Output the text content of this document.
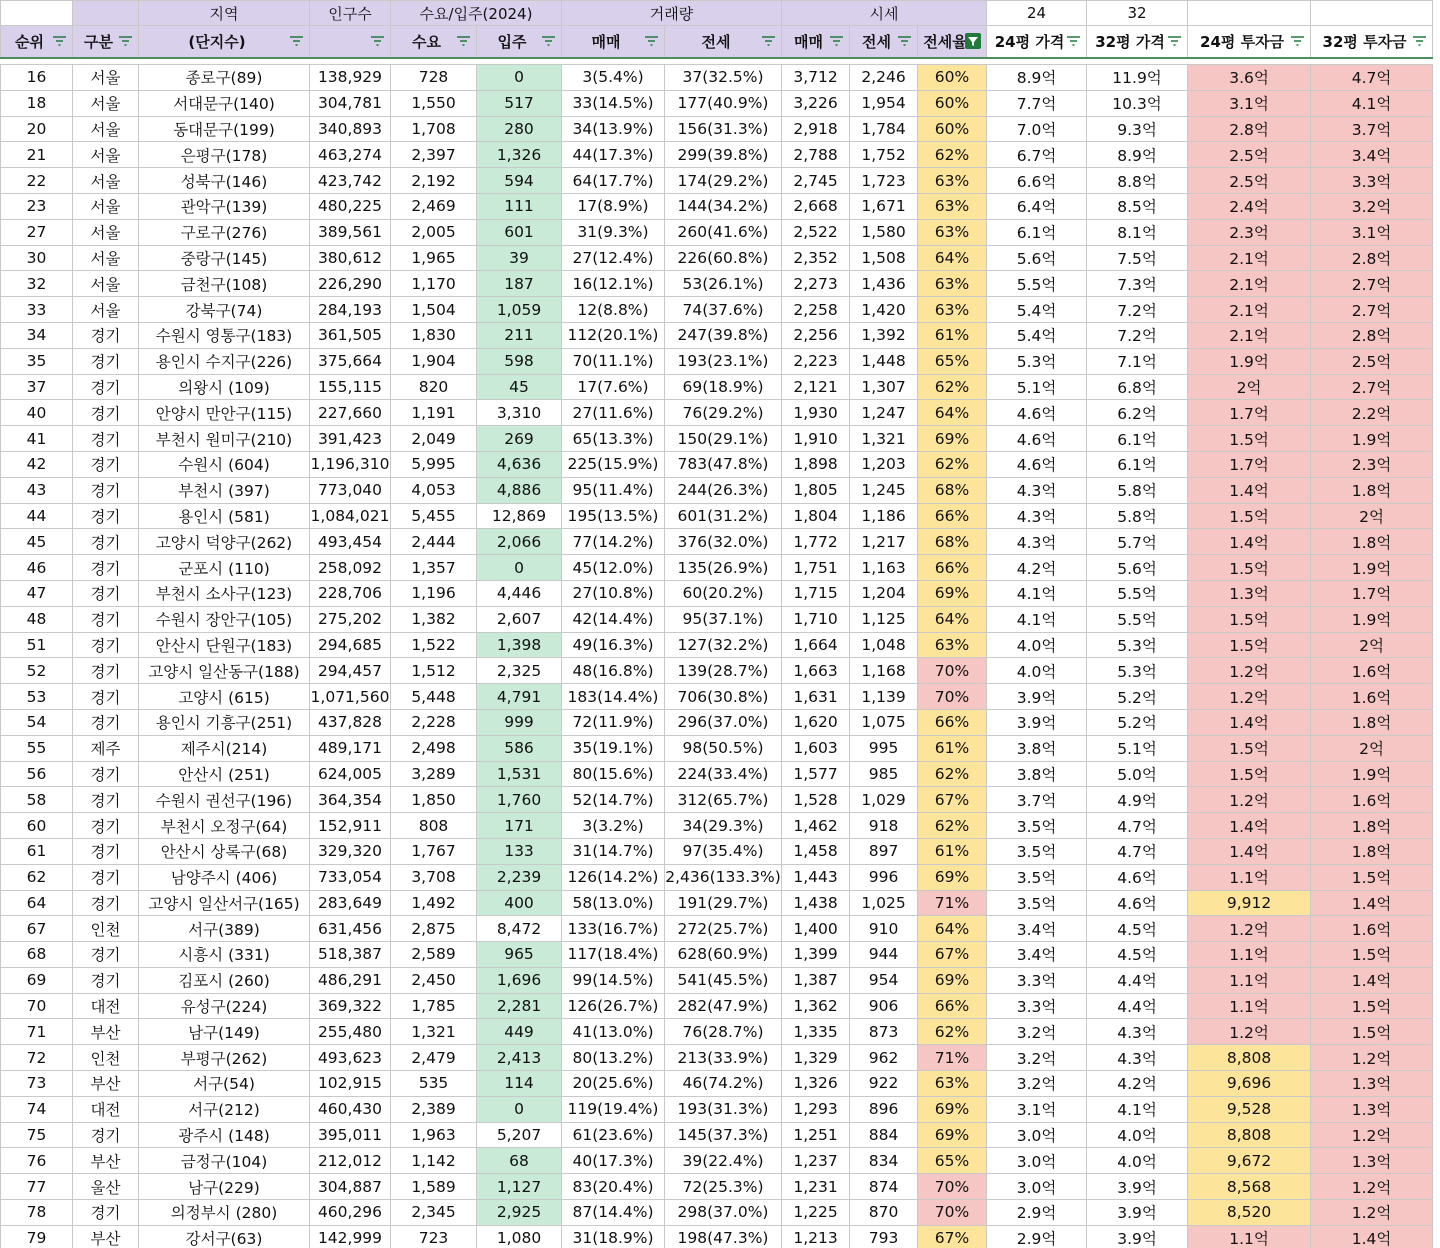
		지역	인구수	수요/입주(2024)		거래량		시세			24	32		
순위	구분	(단지수)		수요	입주	매매	전세	매매	전세	전세율	24평 가격	32평 가격	24평 투자금	32평 투자금

16	서울	종로구(89)	138,929	728	0	3(5.4%)	37(32.5%)	3,712	2,246	60%	8.9억	11.9억	3.6억	4.7억
18	서울	서대문구(140)	304,781	1,550	517	33(14.5%)	177(40.9%)	3,226	1,954	60%	7.7억	10.3억	3.1억	4.1억
20	서울	동대문구(199)	340,893	1,708	280	34(13.9%)	156(31.3%)	2,918	1,784	60%	7.0억	9.3억	2.8억	3.7억
21	서울	은평구(178)	463,274	2,397	1,326	44(17.3%)	299(39.8%)	2,788	1,752	62%	6.7억	8.9억	2.5억	3.4억
22	서울	성북구(146)	423,742	2,192	594	64(17.7%)	174(29.2%)	2,745	1,723	63%	6.6억	8.8억	2.5억	3.3억
23	서울	관악구(139)	480,225	2,469	111	17(8.9%)	144(34.2%)	2,668	1,671	63%	6.4억	8.5억	2.4억	3.2억
27	서울	구로구(276)	389,561	2,005	601	31(9.3%)	260(41.6%)	2,522	1,580	63%	6.1억	8.1억	2.3억	3.1억
30	서울	중랑구(145)	380,612	1,965	39	27(12.4%)	226(60.8%)	2,352	1,508	64%	5.6억	7.5억	2.1억	2.8억
32	서울	금천구(108)	226,290	1,170	187	16(12.1%)	53(26.1%)	2,273	1,436	63%	5.5억	7.3억	2.1억	2.7억
33	서울	강북구(74)	284,193	1,504	1,059	12(8.8%)	74(37.6%)	2,258	1,420	63%	5.4억	7.2억	2.1억	2.7억
34	경기	수원시 영통구(183)	361,505	1,830	211	112(20.1%)	247(39.8%)	2,256	1,392	61%	5.4억	7.2억	2.1억	2.8억
35	경기	용인시 수지구(226)	375,664	1,904	598	70(11.1%)	193(23.1%)	2,223	1,448	65%	5.3억	7.1억	1.9억	2.5억
37	경기	의왕시 (109)	155,115	820	45	17(7.6%)	69(18.9%)	2,121	1,307	62%	5.1억	6.8억	2억	2.7억
40	경기	안양시 만안구(115)	227,660	1,191	3,310	27(11.6%)	76(29.2%)	1,930	1,247	64%	4.6억	6.2억	1.7억	2.2억
41	경기	부천시 원미구(210)	391,423	2,049	269	65(13.3%)	150(29.1%)	1,910	1,321	69%	4.6억	6.1억	1.5억	1.9억
42	경기	수원시 (604)	1,196,310	5,995	4,636	225(15.9%)	783(47.8%)	1,898	1,203	62%	4.6억	6.1억	1.7억	2.3억
43	경기	부천시 (397)	773,040	4,053	4,886	95(11.4%)	244(26.3%)	1,805	1,245	68%	4.3억	5.8억	1.4억	1.8억
44	경기	용인시 (581)	1,084,021	5,455	12,869	195(13.5%)	601(31.2%)	1,804	1,186	66%	4.3억	5.8억	1.5억	2억
45	경기	고양시 덕양구(262)	493,454	2,444	2,066	77(14.2%)	376(32.0%)	1,772	1,217	68%	4.3억	5.7억	1.4억	1.8억
46	경기	군포시 (110)	258,092	1,357	0	45(12.0%)	135(26.9%)	1,751	1,163	66%	4.2억	5.6억	1.5억	1.9억
47	경기	부천시 소사구(123)	228,706	1,196	4,446	27(10.8%)	60(20.2%)	1,715	1,204	69%	4.1억	5.5억	1.3억	1.7억
48	경기	수원시 장안구(105)	275,202	1,382	2,607	42(14.4%)	95(37.1%)	1,710	1,125	64%	4.1억	5.5억	1.5억	1.9억
51	경기	안산시 단원구(183)	294,685	1,522	1,398	49(16.3%)	127(32.2%)	1,664	1,048	63%	4.0억	5.3억	1.5억	2억
52	경기	고양시 일산동구(188)	294,457	1,512	2,325	48(16.8%)	139(28.7%)	1,663	1,168	70%	4.0억	5.3억	1.2억	1.6억
53	경기	고양시 (615)	1,071,560	5,448	4,791	183(14.4%)	706(30.8%)	1,631	1,139	70%	3.9억	5.2억	1.2억	1.6억
54	경기	용인시 기흥구(251)	437,828	2,228	999	72(11.9%)	296(37.0%)	1,620	1,075	66%	3.9억	5.2억	1.4억	1.8억
55	제주	제주시(214)	489,171	2,498	586	35(19.1%)	98(50.5%)	1,603	995	61%	3.8억	5.1억	1.5억	2억
56	경기	안산시 (251)	624,005	3,289	1,531	80(15.6%)	224(33.4%)	1,577	985	62%	3.8억	5.0억	1.5억	1.9억
58	경기	수원시 권선구(196)	364,354	1,850	1,760	52(14.7%)	312(65.7%)	1,528	1,029	67%	3.7억	4.9억	1.2억	1.6억
60	경기	부천시 오정구(64)	152,911	808	171	3(3.2%)	34(29.3%)	1,462	918	62%	3.5억	4.7억	1.4억	1.8억
61	경기	안산시 상록구(68)	329,320	1,767	133	31(14.7%)	97(35.4%)	1,458	897	61%	3.5억	4.7억	1.4억	1.8억
62	경기	남양주시 (406)	733,054	3,708	2,239	126(14.2%)	2,436(133.3%)	1,443	996	69%	3.5억	4.6억	1.1억	1.5억
64	경기	고양시 일산서구(165)	283,649	1,492	400	58(13.0%)	191(29.7%)	1,438	1,025	71%	3.5억	4.6억	9,912	1.4억
67	인천	서구(389)	631,456	2,875	8,472	133(16.7%)	272(25.7%)	1,400	910	64%	3.4억	4.5억	1.2억	1.6억
68	경기	시흥시 (331)	518,387	2,589	965	117(18.4%)	628(60.9%)	1,399	944	67%	3.4억	4.5억	1.1억	1.5억
69	경기	김포시 (260)	486,291	2,450	1,696	99(14.5%)	541(45.5%)	1,387	954	69%	3.3억	4.4억	1.1억	1.4억
70	대전	유성구(224)	369,322	1,785	2,281	126(26.7%)	282(47.9%)	1,362	906	66%	3.3억	4.4억	1.1억	1.5억
71	부산	남구(149)	255,480	1,321	449	41(13.0%)	76(28.7%)	1,335	873	62%	3.2억	4.3억	1.2억	1.5억
72	인천	부평구(262)	493,623	2,479	2,413	80(13.2%)	213(33.9%)	1,329	962	71%	3.2억	4.3억	8,808	1.2억
73	부산	서구(54)	102,915	535	114	20(25.6%)	46(74.2%)	1,326	922	63%	3.2억	4.2억	9,696	1.3억
74	대전	서구(212)	460,430	2,389	0	119(19.4%)	193(31.3%)	1,293	896	69%	3.1억	4.1억	9,528	1.3억
75	경기	광주시 (148)	395,011	1,963	5,207	61(23.6%)	145(37.3%)	1,251	884	69%	3.0억	4.0억	8,808	1.2억
76	부산	금정구(104)	212,012	1,142	68	40(17.3%)	39(22.4%)	1,237	834	65%	3.0억	4.0억	9,672	1.3억
77	울산	남구(229)	304,887	1,589	1,127	83(20.4%)	72(25.3%)	1,231	874	70%	3.0억	3.9억	8,568	1.2억
78	경기	의정부시 (280)	460,296	2,345	2,925	87(14.4%)	298(37.0%)	1,225	870	70%	2.9억	3.9억	8,520	1.2억
79	부산	강서구(63)	142,999	723	1,080	31(18.9%)	198(47.3%)	1,213	793	67%	2.9억	3.9억	1.1억	1.4억
